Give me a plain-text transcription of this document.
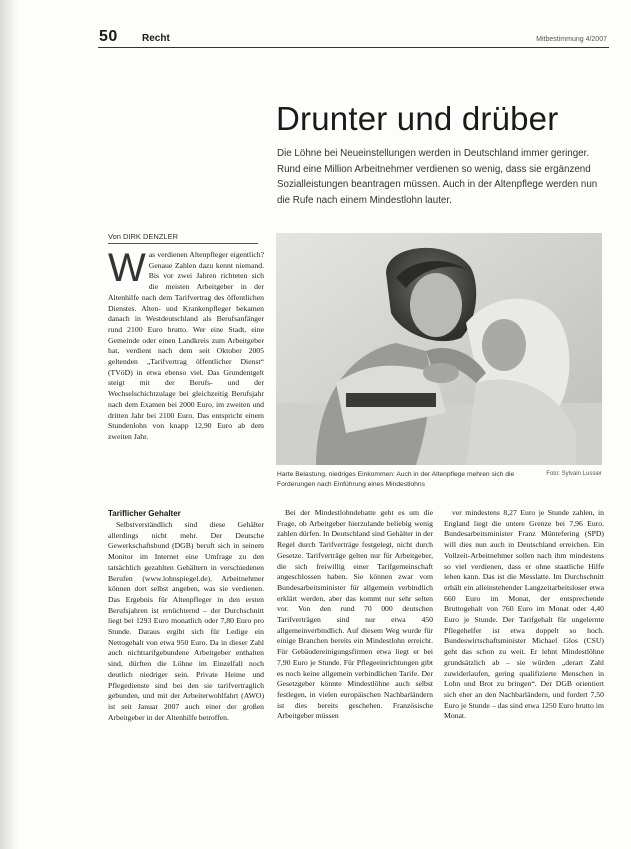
50 Recht	Mitbestimmung 4/2007
Drunter und drüber

Die Löhne bei Neueinstellungen werden in Deutschland immer geringer. Rund eine Million Arbeitnehmer verdienen so wenig, dass sie ergänzend Sozialleistungen beantragen müssen. Auch in der Altenpflege werden nun die Rufe nach einem Mindestlohn lauter.

Von DIRK DENZLER
W as verdienen Altenpfleger eigentlich? Genaue Zahlen dazu kennt niemand. Bis vor zwei Jahren richteten sich die meisten Arbeitgeber in der Altenhilfe nach dem Tarifvertrag des öffentlichen Dienstes. Alten- und Krankenpfleger bekamen danach in Westdeutschland als Berufsanfänger rund 2100 Euro brutto. Wer eine Stadt, eine Gemeinde oder einen Landkreis zum Arbeitgeber hat, verdient nach dem seit Oktober 2005 geltenden „Tarifvertrag öffentlicher Dienst“ (TVöD) in etwa ebenso viel. Das Grundentgelt steigt mit der Berufs- und der Wechselschichtzulage bei gleichzeitig Berufsjahr nach dem Examen bei 2000 Euro, im zweiten und dritten Jahr bei 2100 Euro. Das entspricht einem Stundenlohn von knapp 12,90 Euro ab dem zweiten Jahr.
Foto: Sylvain Lussier
Harte Belastung, niedriges Einkommen: Auch in der Altenpflege mehren sich die Forderungen nach Einführung eines Mindestlohns
Tariflicher Gehalter

Selbstverständlich sind diese Gehälter allerdings nicht mehr. Der Deutsche Gewerkschaftsbund (DGB) beruft sich in seinem Monitor im Internet eine Umfrage zu den tatsächlich gezahlten Gehältern in verschiedenen Berufen (www.lohnspiegel.de). Arbeitnehmer können dort selbst angeben, was sie verdienen. Das Ergebnis für Altenpfleger in den ersten Berufsjahren ist ernüchternd – der Durchschnitt liegt bei 1293 Euro monatlich oder 7,80 Euro pro Stunde. Daraus ergibt sich für Ledige ein Nettogehalt von etwa 950 Euro. Da in dieser Zahl auch nichttarifgebundene Arbeitgeber enthalten sind, dürften die Löhne im Einzelfall noch deutlich niedriger sein. Private Heime und Pflegedienste sind bei den sie tarifvertraglich gebunden, und mit der Arbeiterwohlfahrt (AWO) ist seit Januar 2007 auch einer der großen Arbeitgeber in der Altenhilfe betroffen.

Bei der Mindestlohndebatte geht es um die Frage, ob Arbeitgeber hierzulande beliebig wenig zahlen dürfen. In Deutschland sind Gehälter in der Regel durch Tarifverträge festgelegt, nicht durch Gesetze. Tarifverträge gelten nur für Arbeitgeber, die sich freiwillig einer Tarifgemeinschaft angeschlossen haben. Sie können zwar vom Bundesarbeitsminister für allgemein verbindlich erklärt werden, aber das kommt nur sehr selten vor. Von den rund 70 000 deutschen Tarifverträgen sind nur etwa 450 allgemeinverbindlich. Auf diesem Weg wurde für einige Branchen bereits ein Mindestlohn erreicht. Für Gebäudereinigungsfirmen etwa liegt er bei 7,90 Euro je Stunde. Für Pflegeeinrichtungen gibt es noch keine allgemein verbindlichen Tarife. Der Gesetzgeber könnte Mindestlöhne auch selbst festlegen, in vielen europäischen Nachbarländern ist dies bereits geschehen. Französische Arbeitgeber müssen

ver mindestens 8,27 Euro je Stunde zahlen, in England liegt die untere Grenze bei 7,96 Euro. Bundesarbeitsminister Franz Müntefering (SPD) will dies nun auch in Deutschland erreichen. Ein Vollzeit-Arbeitnehmer sollen nach ihm mindestens so viel verdienen, dass er ohne staatliche Hilfe leben kann. Das ist die Messlatte. Im Durchschnitt erhält ein alleinstehender Langzeitarbeitsloser etwa 660 Euro im Monat, der entsprechende Bruttogehalt von 760 Euro im Monat oder 4,40 Euro je Stunde. Der Tarifgehalt für ungelernte Pflegehelfer ist etwa doppelt so hoch. Bundeswirtschaftsminister Michael Glos (CSU) geht das schon zu weit. Er lehnt Mindestlöhne grundsätzlich ab – sie würden „derart Zahl zuwiderlaufen, gering qualifizierte Menschen in Lohn und Brot zu bringen“. Der DGB orientiert sich eher an den Nachbarländern, und fordert 7,50 Euro je Stunde – das sind etwa 1250 Euro brutto im Monat.
